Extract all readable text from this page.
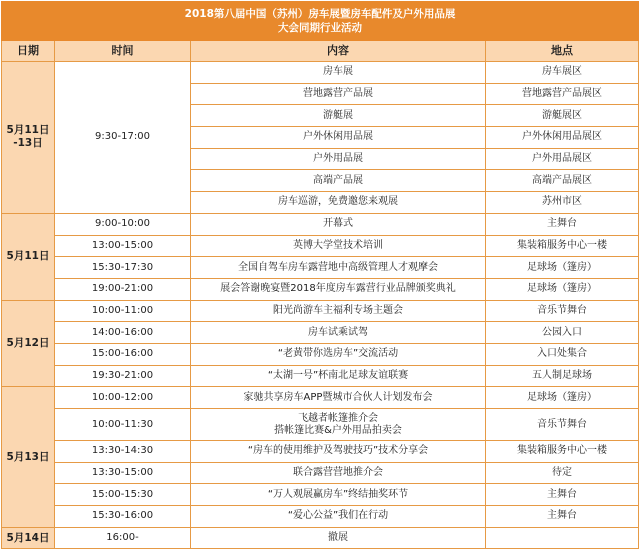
2018第八届中国（苏州）房车展暨房车配件及户外用品展
大会同期行业活动			

日期	时间	内容	地点

5月11日
-13日	9:30-17:00	房车展	房车展区
		营地露营产品展	营地露营产品展区
		游艇展	游艇展区
		户外休闲用品展	户外休闲用品展区
		户外用品展	户外用品展区
		高端产品展	高端产品展区
		房车巡游，免费邀您来观展	苏州市区

5月11日	9:00-10:00	开幕式	主舞台
	13:00-15:00	英博大学堂技术培训	集装箱服务中心一楼
	15:30-17:30	全国自驾车房车露营地中高级管理人才观摩会	足球场（篷房）
	19:00-21:00	展会答谢晚宴暨2018年度房车露营行业品牌颁奖典礼	足球场（篷房）

5月12日	10:00-11:00	阳光尚游车主福利专场主题会	音乐节舞台
	14:00-16:00	房车试乘试驾	公园入口
	15:00-16:00	“老黄带你选房车”交流活动	入口处集合
	19:30-21:00	“太湖一号”杯南北足球友谊联赛	五人制足球场

5月13日	10:00-12:00	家驰共享房车APP暨城市合伙人计划发布会	足球场（篷房）
	10:00-11:30	飞越者帐篷推介会
搭帐篷比赛&户外用品拍卖会	音乐节舞台
	13:30-14:30	“房车的使用维护及驾驶技巧”技术分享会	集装箱服务中心一楼
	13:30-15:00	联合露营营地推介会	待定
	15:00-15:30	“万人观展赢房车”终结抽奖环节	主舞台
	15:30-16:00	“爱心公益”我们在行动	主舞台

5月14日	16:00-	撤展	
